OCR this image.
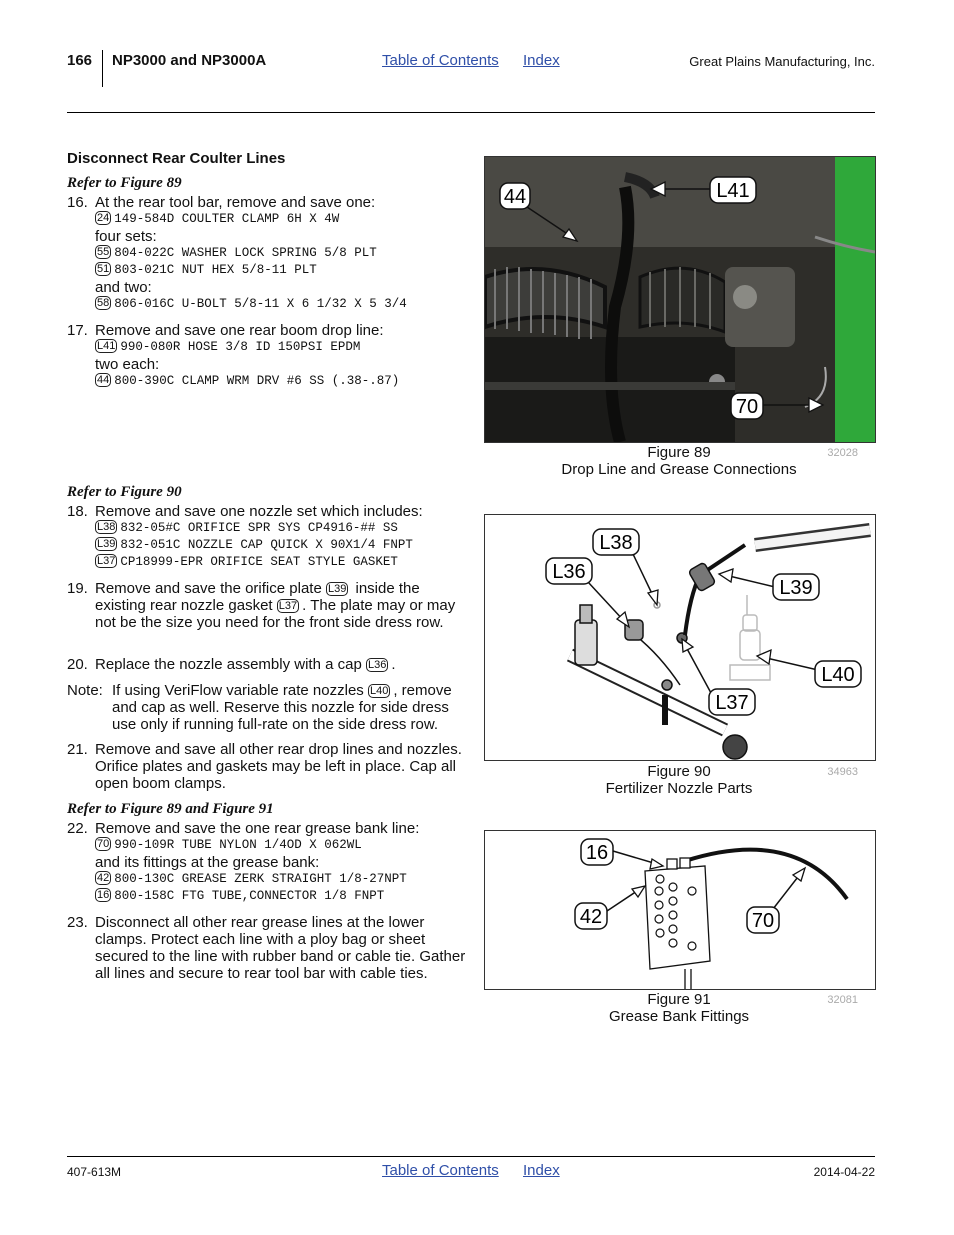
166 NP3000 and NP3000A	Table of Contents Index	Great Plains Manufacturing, Inc.
Disconnect Rear Coulter Lines
Refer to Figure 89
16. At the rear tool bar, remove and save one:
24 149-584D COULTER CLAMP 6H X 4W
four sets:
55 804-022C WASHER LOCK SPRING 5/8 PLT
51 803-021C NUT HEX 5/8-11 PLT
and two:
58 806-016C U-BOLT 5/8-11 X 6 1/32 X 5 3/4
17. Remove and save one rear boom drop line:
L41 990-080R HOSE 3/8 ID 150PSI EPDM
two each:
44 800-390C CLAMP WRM DRV #6 SS (.38-.87)
Refer to Figure 90
18. Remove and save one nozzle set which includes:
L38 832-05#C ORIFICE SPR SYS CP4916-## SS
L39 832-051C NOZZLE CAP QUICK X 90X1/4 FNPT
L37 CP18999-EPR ORIFICE SEAT STYLE GASKET
19. Remove and save the orifice plate L39 inside the existing rear nozzle gasket L37 . The plate may or may not be the size you need for the front side dress row.
20. Replace the nozzle assembly with a cap L36 .
Note: If using VeriFlow variable rate nozzles L40 , remove and cap as well. Reserve this nozzle for side dress use only if running full-rate on the side dress row.
21. Remove and save all other rear drop lines and nozzles. Orifice plates and gaskets may be left in place. Cap all open boom clamps.
Refer to Figure 89 and Figure 91
22. Remove and save the one rear grease bank line:
70 990-109R TUBE NYLON 1/4OD X 062WL
and its fittings at the grease bank:
42 800-130C GREASE ZERK STRAIGHT 1/8-27NPT
16 800-158C FTG TUBE,CONNECTOR 1/8 FNPT
23. Disconnect all other rear grease lines at the lower clamps. Protect each line with a ploy bag or sheet secured to the line with rubber band or cable tie. Gather all lines and secure to rear tool bar with cable ties.
44	L41
70
Figure 89	32028
Drop Line and Grease Connections
L38
L36
L39
L40
L37
Figure 90	34963
Fertilizer Nozzle Parts
16
42	70
Figure 91	32081
Grease Bank Fittings
407-613M	Table of Contents Index	2014-04-22
